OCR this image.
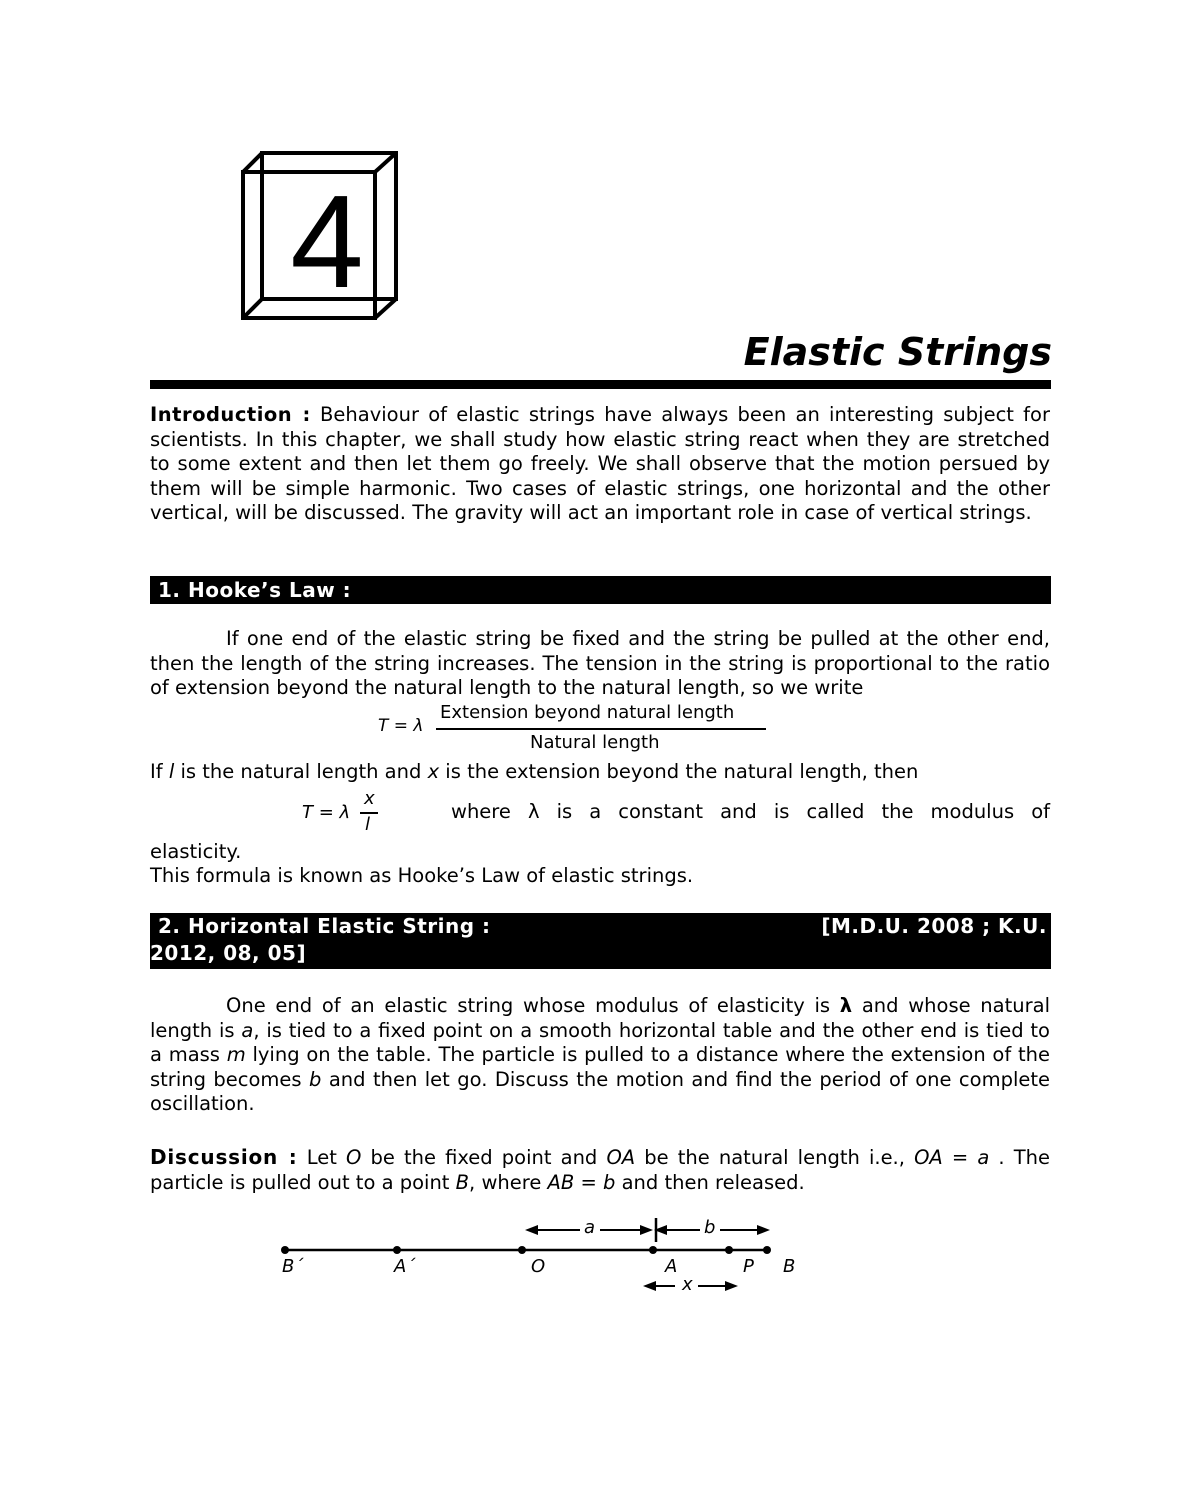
4
Elastic Strings
Introduction : Behaviour of elastic strings have always been an interesting subject for scientists. In this chapter, we shall study how elastic string react when they are stretched to some extent and then let them go freely. We shall observe that the motion persued by them will be simple harmonic. Two cases of elastic strings, one horizontal and the other vertical, will be discussed. The gravity will act an important role in case of vertical strings.
1. Hooke’s Law :
If one end of the elastic string be fixed and the string be pulled at the other end, then the length of the string increases. The tension in the string is proportional to the ratio of extension beyond the natural length to the natural length, so we write
T = λ
Extension beyond natural length
Natural length
If l is the natural length and x is the extension beyond the natural length, then
T = λ
x
l
where λ is a constant and is called the modulus of
elasticity.
This formula is known as Hooke’s Law of elastic strings.
2. Horizontal Elastic String :	[M.D.U. 2008 ; K.U.
2012, 08, 05]
One end of an elastic string whose modulus of elasticity is λ and whose natural length is a, is tied to a fixed point on a smooth horizontal table and the other end is tied to a mass m lying on the table. The particle is pulled to a distance where the extension of the string becomes b and then let go. Discuss the motion and find the period of one complete oscillation.
Discussion : Let O be the fixed point and OA be the natural length i.e., OA = a . The particle is pulled out to a point B, where AB = b and then released.
a	b
x
B´	A´	O	A	P B
